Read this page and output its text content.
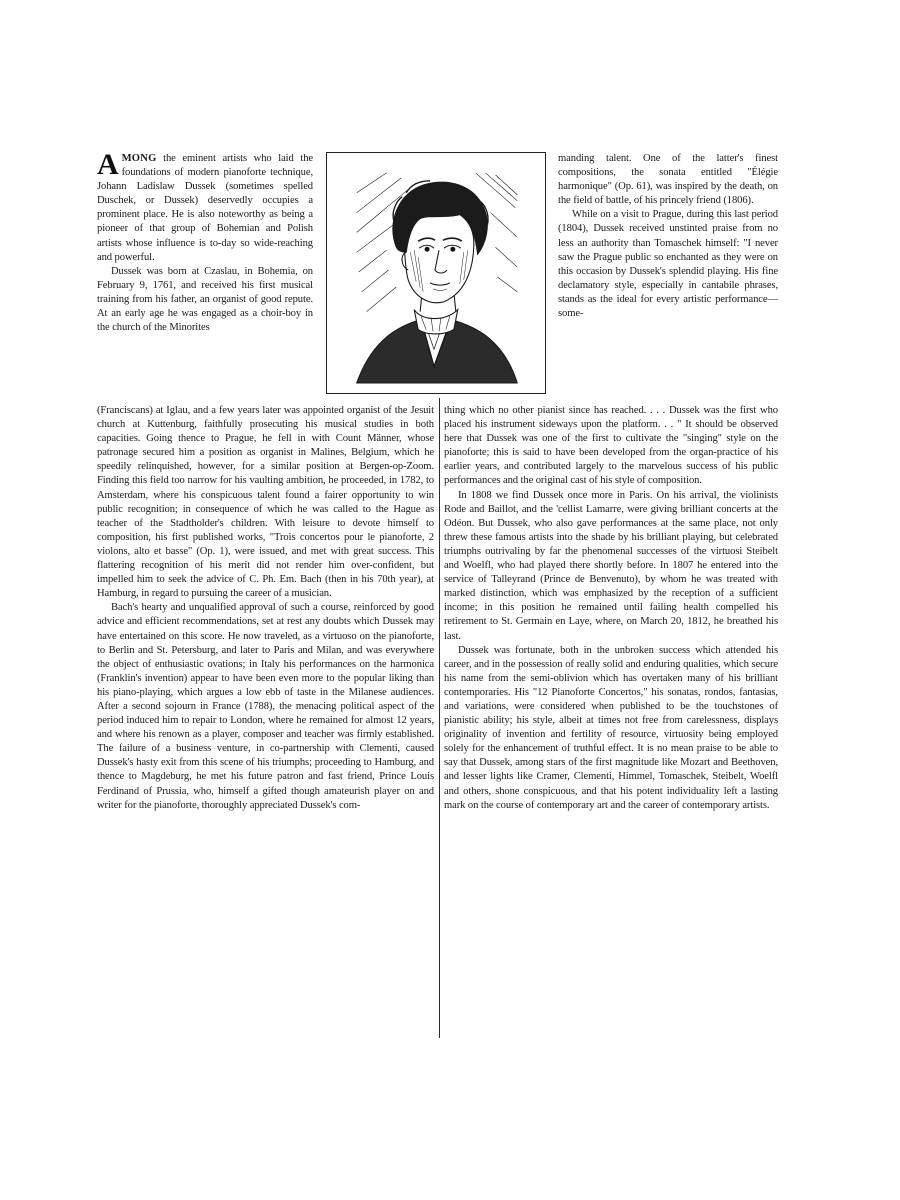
AMONG the eminent artists who laid the foundations of modern pianoforte technique, Johann Ladislaw Dussek (sometimes spelled Duschek, or Dussek) deservedly occupies a prominent place. He is also noteworthy as being a pioneer of that group of Bohemian and Polish artists whose influence is to-day so wide-reaching and powerful.

Dussek was born at Czaslau, in Bohemia, on February 9, 1761, and received his first musical training from his father, an organist of good repute. At an early age he was engaged as a choir-boy in the church of the Minorites

manding talent. One of the latter's finest compositions, the sonata entitled "Élégie harmonique" (Op. 61), was inspired by the death, on the field of battle, of his princely friend (1806).

While on a visit to Prague, during this last period (1804), Dussek received unstinted praise from no less an authority than Tomaschek himself: "I never saw the Prague public so enchanted as they were on this occasion by Dussek's splendid playing. His fine declamatory style, especially in cantabile phrases, stands as the ideal for every artistic performance—some-

(Franciscans) at Iglau, and a few years later was appointed organist of the Jesuit church at Kuttenburg, faithfully prosecuting his musical studies in both capacities. Going thence to Prague, he fell in with Count Männer, whose patronage secured him a position as organist in Malines, Belgium, which he speedily relinquished, however, for a similar position at Bergen-op-Zoom. Finding this field too narrow for his vaulting ambition, he proceeded, in 1782, to Amsterdam, where his conspicuous talent found a fairer opportunity to win public recognition; in consequence of which he was called to the Hague as teacher of the Stadtholder's children. With leisure to devote himself to composition, his first published works, "Trois concertos pour le pianoforte, 2 violons, alto et basse" (Op. 1), were issued, and met with great success. This flattering recognition of his merit did not render him over-confident, but impelled him to seek the advice of C. Ph. Em. Bach (then in his 70th year), at Hamburg, in regard to pursuing the career of a musician.

Bach's hearty and unqualified approval of such a course, reinforced by good advice and efficient recommendations, set at rest any doubts which Dussek may have entertained on this score. He now traveled, as a virtuoso on the pianoforte, to Berlin and St. Petersburg, and later to Paris and Milan, and was everywhere the object of enthusiastic ovations; in Italy his performances on the harmonica (Franklin's invention) appear to have been even more to the popular liking than his piano-playing, which argues a low ebb of taste in the Milanese audiences. After a second sojourn in France (1788), the menacing political aspect of the period induced him to repair to London, where he remained for almost 12 years, and where his renown as a player, composer and teacher was firmly established. The failure of a business venture, in co-partnership with Clementi, caused Dussek's hasty exit from this scene of his triumphs; proceeding to Hamburg, and thence to Magdeburg, he met his future patron and fast friend, Prince Louis Ferdinand of Prussia, who, himself a gifted though amateurish player on and writer for the pianoforte, thoroughly appreciated Dussek's com-

thing which no other pianist since has reached. . . . Dussek was the first who placed his instrument sideways upon the platform. . . " It should be observed here that Dussek was one of the first to cultivate the "singing" style on the pianoforte; this is said to have been developed from the organ-practice of his earlier years, and contributed largely to the marvelous success of his public performances and the original cast of his style of composition.

In 1808 we find Dussek once more in Paris. On his arrival, the violinists Rode and Baillot, and the 'cellist Lamarre, were giving brilliant concerts at the Odéon. But Dussek, who also gave performances at the same place, not only threw these famous artists into the shade by his brilliant playing, but celebrated triumphs outrivaling by far the phenomenal successes of the virtuosi Steibelt and Woelfl, who had played there shortly before. In 1807 he entered into the service of Talleyrand (Prince de Benvenuto), by whom he was treated with marked distinction, which was emphasized by the reception of a sufficient income; in this position he remained until failing health compelled his retirement to St. Germain en Laye, where, on March 20, 1812, he breathed his last.

Dussek was fortunate, both in the unbroken success which attended his career, and in the possession of really solid and enduring qualities, which secure his name from the semi-oblivion which has overtaken many of his brilliant contemporaries. His "12 Pianoforte Concertos," his sonatas, rondos, fantasias, and variations, were considered when published to be the touchstones of pianistic ability; his style, albeit at times not free from carelessness, displays originality of invention and fertility of resource, virtuosity being employed solely for the enhancement of truthful effect. It is no mean praise to be able to say that Dussek, among stars of the first magnitude like Mozart and Beethoven, and lesser lights like Cramer, Clementi, Himmel, Tomaschek, Steibelt, Woelfl and others, shone conspicuous, and that his potent individuality left a lasting mark on the course of contemporary art and the career of contemporary artists.
